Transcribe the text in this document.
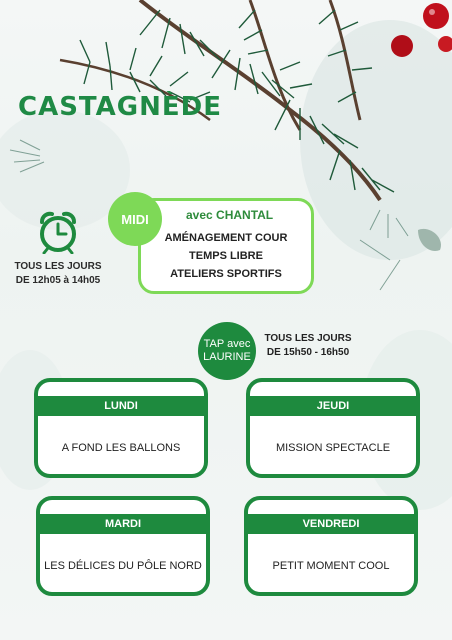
CASTAGNÈDE
TOUS LES JOURS
DE 12h05 à 14h05
MIDI	avec CHANTAL
AMÉNAGEMENT COUR
TEMPS LIBRE
ATELIERS SPORTIFS
TAP avec
LAURINE
TOUS LES JOURS
DE 15h50 - 16h50
LUNDI
A FOND LES BALLONS
JEUDI
MISSION SPECTACLE
MARDI
LES DÉLICES DU PÔLE NORD
VENDREDI
PETIT MOMENT COOL
